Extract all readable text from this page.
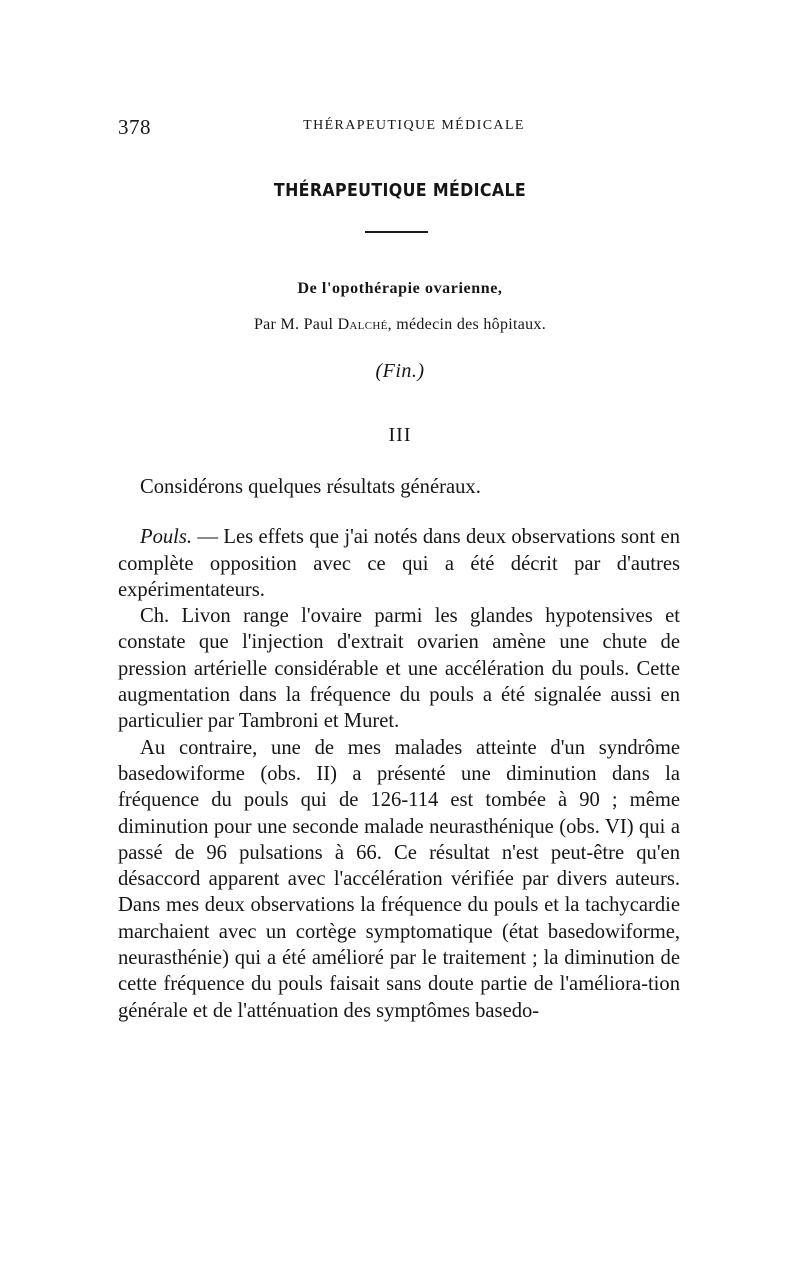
378	THÉRAPEUTIQUE MÉDICALE
THÉRAPEUTIQUE MÉDICALE
De l'opothérapie ovarienne,
Par M. Paul Dalché, médecin des hôpitaux.
(Fin.)
III

Considérons quelques résultats généraux.

Pouls. — Les effets que j'ai notés dans deux observations sont en complète opposition avec ce qui a été décrit par d'autres expérimentateurs.

Ch. Livon range l'ovaire parmi les glandes hypotensives et constate que l'injection d'extrait ovarien amène une chute de pression artérielle considérable et une accélération du pouls. Cette augmentation dans la fréquence du pouls a été signalée aussi en particulier par Tambroni et Muret.

Au contraire, une de mes malades atteinte d'un syndrôme basedowiforme (obs. II) a présenté une diminution dans la fréquence du pouls qui de 126-114 est tombée à 90 ; même diminution pour une seconde malade neurasthénique (obs. VI) qui a passé de 96 pulsations à 66. Ce résultat n'est peut-être qu'en désaccord apparent avec l'accélération vérifiée par divers auteurs. Dans mes deux observations la fréquence du pouls et la tachycardie marchaient avec un cortège symptomatique (état basedowiforme, neurasthénie) qui a été amélioré par le traitement ; la diminution de cette fréquence du pouls faisait sans doute partie de l'améliora-tion générale et de l'atténuation des symptômes basedo-
